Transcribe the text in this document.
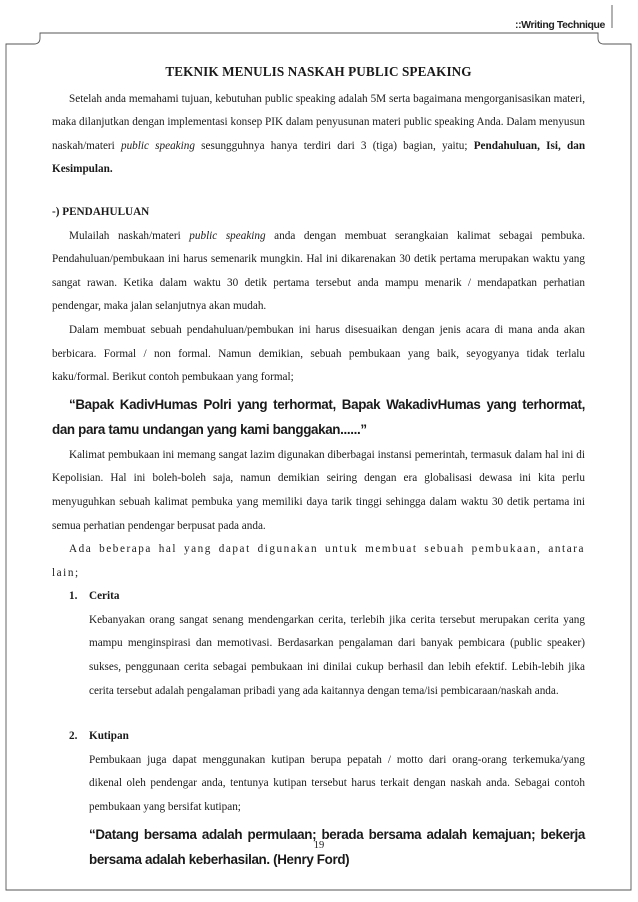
::Writing Technique
TEKNIK MENULIS NASKAH PUBLIC SPEAKING

Setelah anda memahami tujuan, kebutuhan public speaking adalah 5M serta bagaimana mengorganisasikan materi, maka dilanjutkan dengan implementasi konsep PIK dalam penyusunan materi public speaking Anda. Dalam menyusun naskah/materi public speaking sesungguhnya hanya terdiri dari 3 (tiga) bagian, yaitu; Pendahuluan, Isi, dan Kesimpulan.

-) PENDAHULUAN

Mulailah naskah/materi public speaking anda dengan membuat serangkaian kalimat sebagai pembuka. Pendahuluan/pembukaan ini harus semenarik mungkin. Hal ini dikarenakan 30 detik pertama merupakan waktu yang sangat rawan. Ketika dalam waktu 30 detik pertama tersebut anda mampu menarik / mendapatkan perhatian pendengar, maka jalan selanjutnya akan mudah.

Dalam membuat sebuah pendahuluan/pembukan ini harus disesuaikan dengan jenis acara di mana anda akan berbicara. Formal / non formal. Namun demikian, sebuah pembukaan yang baik, seyogyanya tidak terlalu kaku/formal. Berikut contoh pembukaan yang formal;

“Bapak KadivHumas Polri yang terhormat, Bapak WakadivHumas yang terhormat, dan para tamu undangan yang kami banggakan......”

Kalimat pembukaan ini memang sangat lazim digunakan diberbagai instansi pemerintah, termasuk dalam hal ini di Kepolisian. Hal ini boleh-boleh saja, namun demikian seiring dengan era globalisasi dewasa ini kita perlu menyuguhkan sebuah kalimat pembuka yang memiliki daya tarik tinggi sehingga dalam waktu 30 detik pertama ini semua perhatian pendengar berpusat pada anda.

Ada beberapa hal yang dapat digunakan untuk membuat sebuah pembukaan, antara lain;

1. Cerita
Kebanyakan orang sangat senang mendengarkan cerita, terlebih jika cerita tersebut merupakan cerita yang mampu menginspirasi dan memotivasi. Berdasarkan pengalaman dari banyak pembicara (public speaker) sukses, penggunaan cerita sebagai pembukaan ini dinilai cukup berhasil dan lebih efektif. Lebih-lebih jika cerita tersebut adalah pengalaman pribadi yang ada kaitannya dengan tema/isi pembicaraan/naskah anda.
2. Kutipan
Pembukaan juga dapat menggunakan kutipan berupa pepatah / motto dari orang-orang terkemuka/yang dikenal oleh pendengar anda, tentunya kutipan tersebut harus terkait dengan naskah anda. Sebagai contoh pembukaan yang bersifat kutipan;

“Datang bersama adalah permulaan; berada bersama adalah kemajuan; bekerja bersama adalah keberhasilan. (Henry Ford)

19
